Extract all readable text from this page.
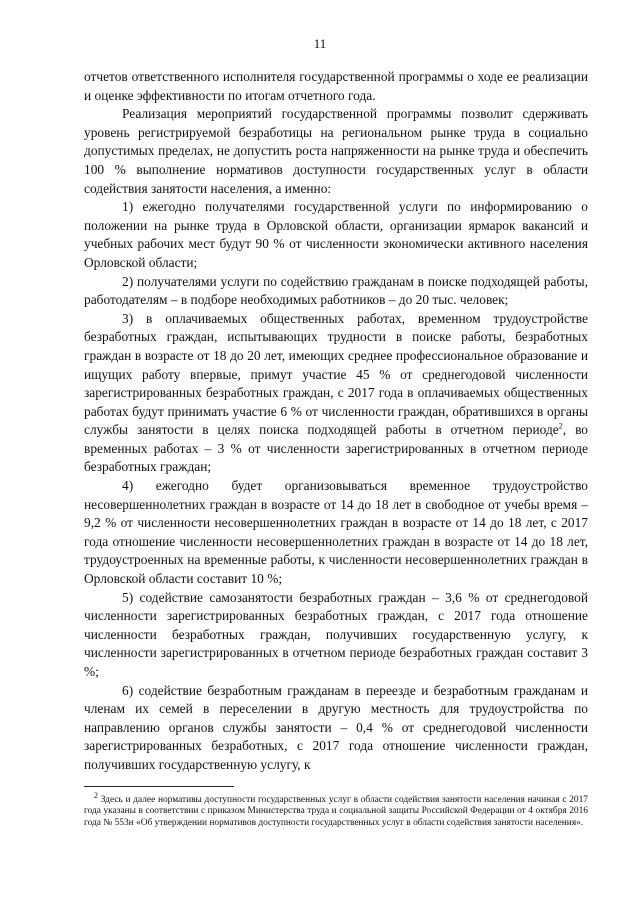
11

отчетов ответственного исполнителя государственной программы о ходе ее реализации и оценке эффективности по итогам отчетного года.

Реализация мероприятий государственной программы позволит сдерживать уровень регистрируемой безработицы на региональном рынке труда в социально допустимых пределах, не допустить роста напряженности на рынке труда и обеспечить 100 % выполнение нормативов доступности государственных услуг в области содействия занятости населения, а именно:

1) ежегодно получателями государственной услуги по информированию о положении на рынке труда в Орловской области, организации ярмарок вакансий и учебных рабочих мест будут 90 % от численности экономически активного населения Орловской области;

2) получателями услуги по содействию гражданам в поиске подходящей работы, работодателям – в подборе необходимых работников – до 20 тыс. человек;

3) в оплачиваемых общественных работах, временном трудоустройстве безработных граждан, испытывающих трудности в поиске работы, безработных граждан в возрасте от 18 до 20 лет, имеющих среднее профессиональное образование и ищущих работу впервые, примут участие 45 % от среднегодовой численности зарегистрированных безработных граждан, с 2017 года в оплачиваемых общественных работах будут принимать участие 6 % от численности граждан, обратившихся в органы службы занятости в целях поиска подходящей работы в отчетном периоде$^2$, во временных работах – 3 % от численности зарегистрированных в отчетном периоде безработных граждан;

4) ежегодно будет организовываться временное трудоустройство несовершеннолетних граждан в возрасте от 14 до 18 лет в свободное от учебы время – 9,2 % от численности несовершеннолетних граждан в возрасте от 14 до 18 лет, с 2017 года отношение численности несовершеннолетних граждан в возрасте от 14 до 18 лет, трудоустроенных на временные работы, к численности несовершеннолетних граждан в Орловской области составит 10 %;

5) содействие самозанятости безработных граждан – 3,6 % от среднегодовой численности зарегистрированных безработных граждан, с 2017 года отношение численности безработных граждан, получивших государственную услугу, к численности зарегистрированных в отчетном периоде безработных граждан составит 3 %;

6) содействие безработным гражданам в переезде и безработным гражданам и членам их семей в переселении в другую местность для трудоустройства по направлению органов службы занятости – 0,4 % от среднегодовой численности зарегистрированных безработных, с 2017 года отношение численности граждан, получивших государственную услугу, к

$^2$ Здесь и далее нормативы доступности государственных услуг в области содействия занятости населения начиная с 2017 года указаны в соответствии с приказом Министерства труда и социальной защиты Российской Федерации от 4 октября 2016 года № 553н «Об утверждении нормативов доступности государственных услуг в области содействия занятости населения».
